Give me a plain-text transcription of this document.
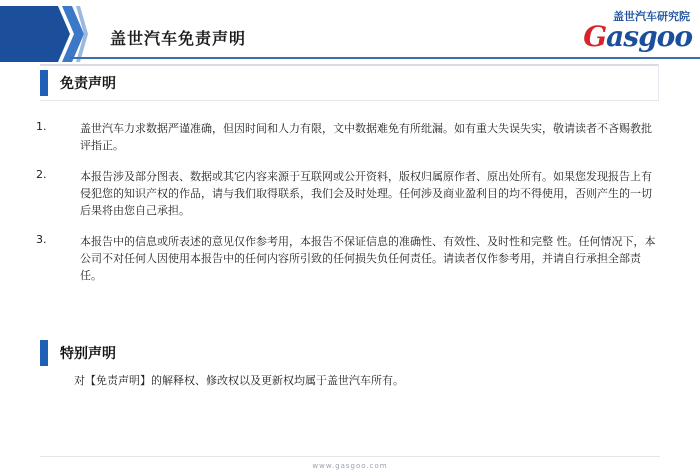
盖世汽车免责声明
盖世汽车研究院
Gasgoo
免责声明
1.	盖世汽车力求数据严谨准确，但因时间和人力有限，文中数据难免有所纰漏。如有重大失误失实，敬请读者不吝赐教批评指正。
2.	本报告涉及部分图表、数据或其它内容来源于互联网或公开资料，版权归属原作者、原出处所有。如果您发现报告上有侵犯您的知识产权的作品，请与我们取得联系，我们会及时处理。任何涉及商业盈利目的均不得使用，否则产生的一切后果将由您自己承担。
3.	本报告中的信息或所表述的意见仅作参考用，本报告不保证信息的准确性、有效性、及时性和完整 性。任何情况下，本公司不对任何人因使用本报告中的任何内容所引致的任何损失负任何责任。请读者仅作参考用，并请自行承担全部责任。
特别声明
对【免责声明】的解释权、修改权以及更新权均属于盖世汽车所有。
www.gasgoo.com
